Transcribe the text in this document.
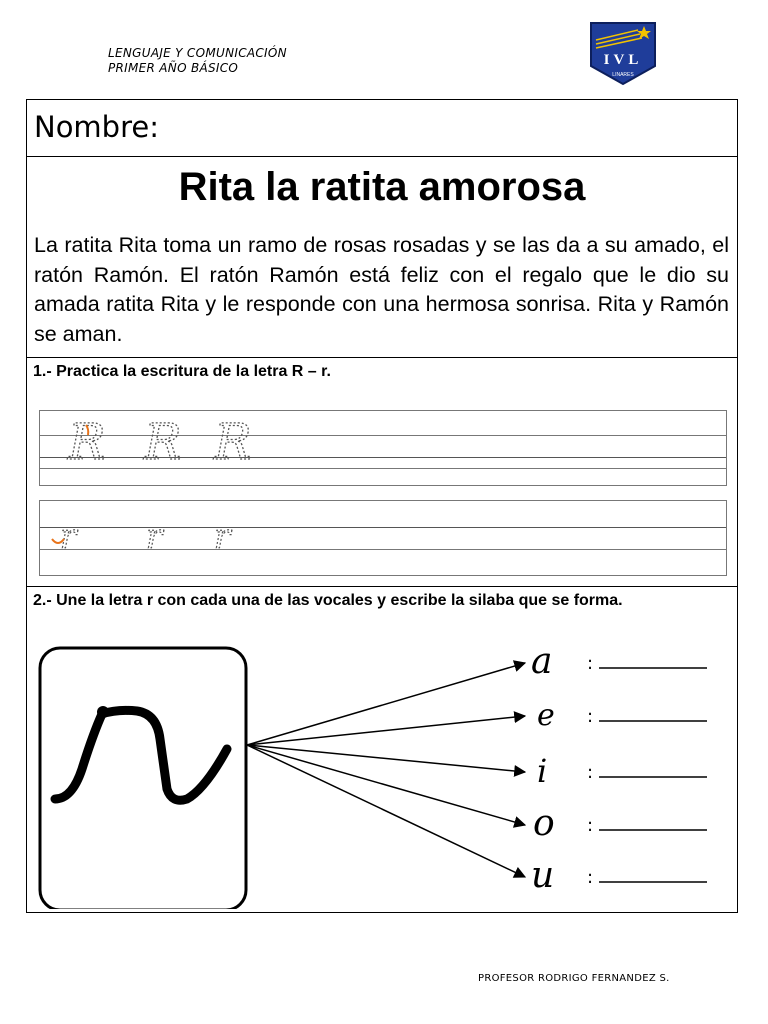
LENGUAJE Y COMUNICACIÓN
PRIMER AÑO BÁSICO	IVL
LINARES
Nombre:
Rita la ratita amorosa

La ratita Rita toma un ramo de rosas rosadas y se las da a su amado, el ratón Ramón. El ratón Ramón está feliz con el regalo que le dio su amada ratita Rita y le responde con una hermosa sonrisa. Rita y Ramón se aman.

1.- Practica la escritura de la letra R – r.
R R R
r r r
2.- Une la letra r con cada una de las vocales y escribe la silaba que se forma.
a
e
i
o
u
:
:
:
:
:
PROFESOR RODRIGO FERNANDEZ S.
